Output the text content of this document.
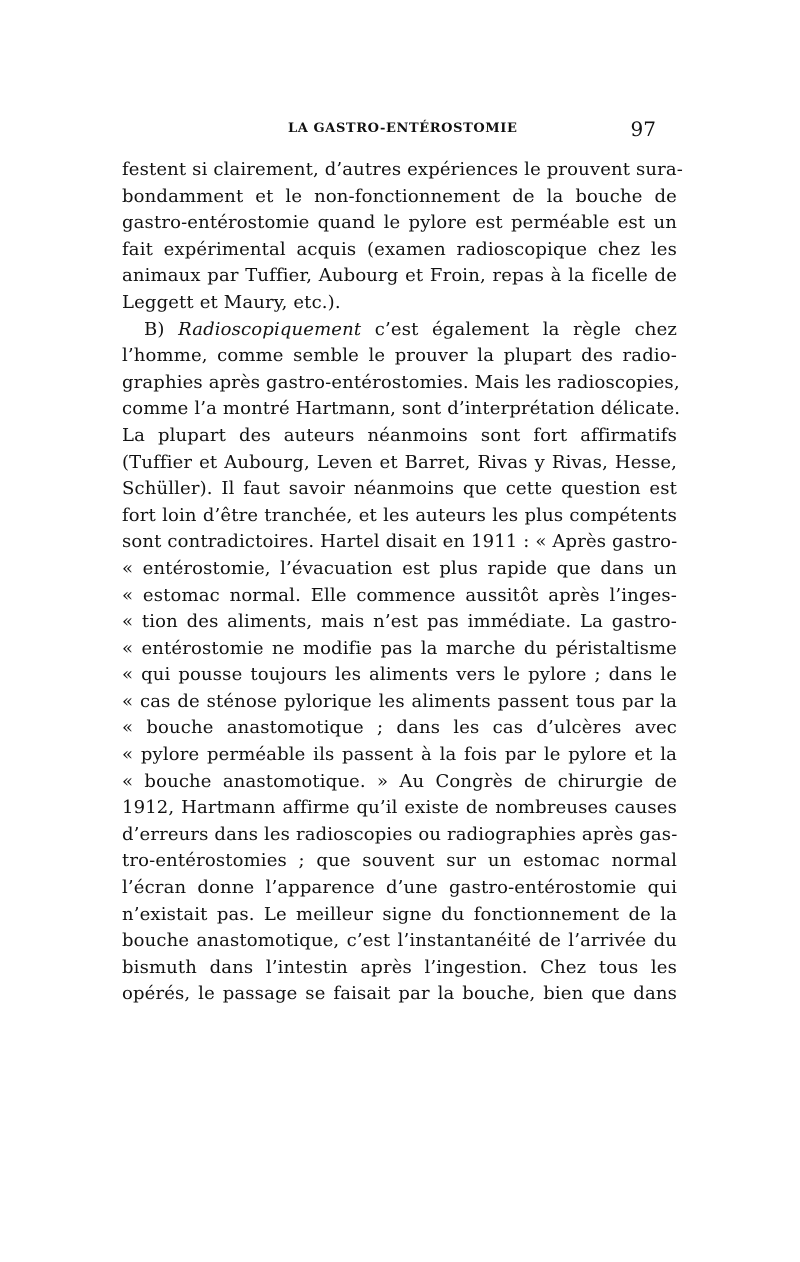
LA GASTRO-ENTÉROSTOMIE	97
festent si clairement, d’autres expériences le prouvent sura-
bondamment et le non-fonctionnement de la bouche de
gastro-entérostomie quand le pylore est perméable est un
fait expérimental acquis (examen radioscopique chez les
animaux par Tuffier, Aubourg et Froin, repas à la ficelle de
Leggett et Maury, etc.).
B) Radioscopiquement c’est également la règle chez
l’homme, comme semble le prouver la plupart des radio-
graphies après gastro-entérostomies. Mais les radioscopies,
comme l’a montré Hartmann, sont d’interprétation délicate.
La plupart des auteurs néanmoins sont fort affirmatifs
(Tuffier et Aubourg, Leven et Barret, Rivas y Rivas, Hesse,
Schüller). Il faut savoir néanmoins que cette question est
fort loin d’être tranchée, et les auteurs les plus compétents
sont contradictoires. Hartel disait en 1911 : « Après gastro-
« entérostomie, l’évacuation est plus rapide que dans un
« estomac normal. Elle commence aussitôt après l’inges-
« tion des aliments, mais n’est pas immédiate. La gastro-
« entérostomie ne modifie pas la marche du péristaltisme
« qui pousse toujours les aliments vers le pylore ; dans le
« cas de sténose pylorique les aliments passent tous par la
« bouche anastomotique ; dans les cas d’ulcères avec
« pylore perméable ils passent à la fois par le pylore et la
« bouche anastomotique. » Au Congrès de chirurgie de
1912, Hartmann affirme qu’il existe de nombreuses causes
d’erreurs dans les radioscopies ou radiographies après gas-
tro-entérostomies ; que souvent sur un estomac normal
l’écran donne l’apparence d’une gastro-entérostomie qui
n’existait pas. Le meilleur signe du fonctionnement de la
bouche anastomotique, c’est l’instantanéité de l’arrivée du
bismuth dans l’intestin après l’ingestion. Chez tous les
opérés, le passage se faisait par la bouche, bien que dans
